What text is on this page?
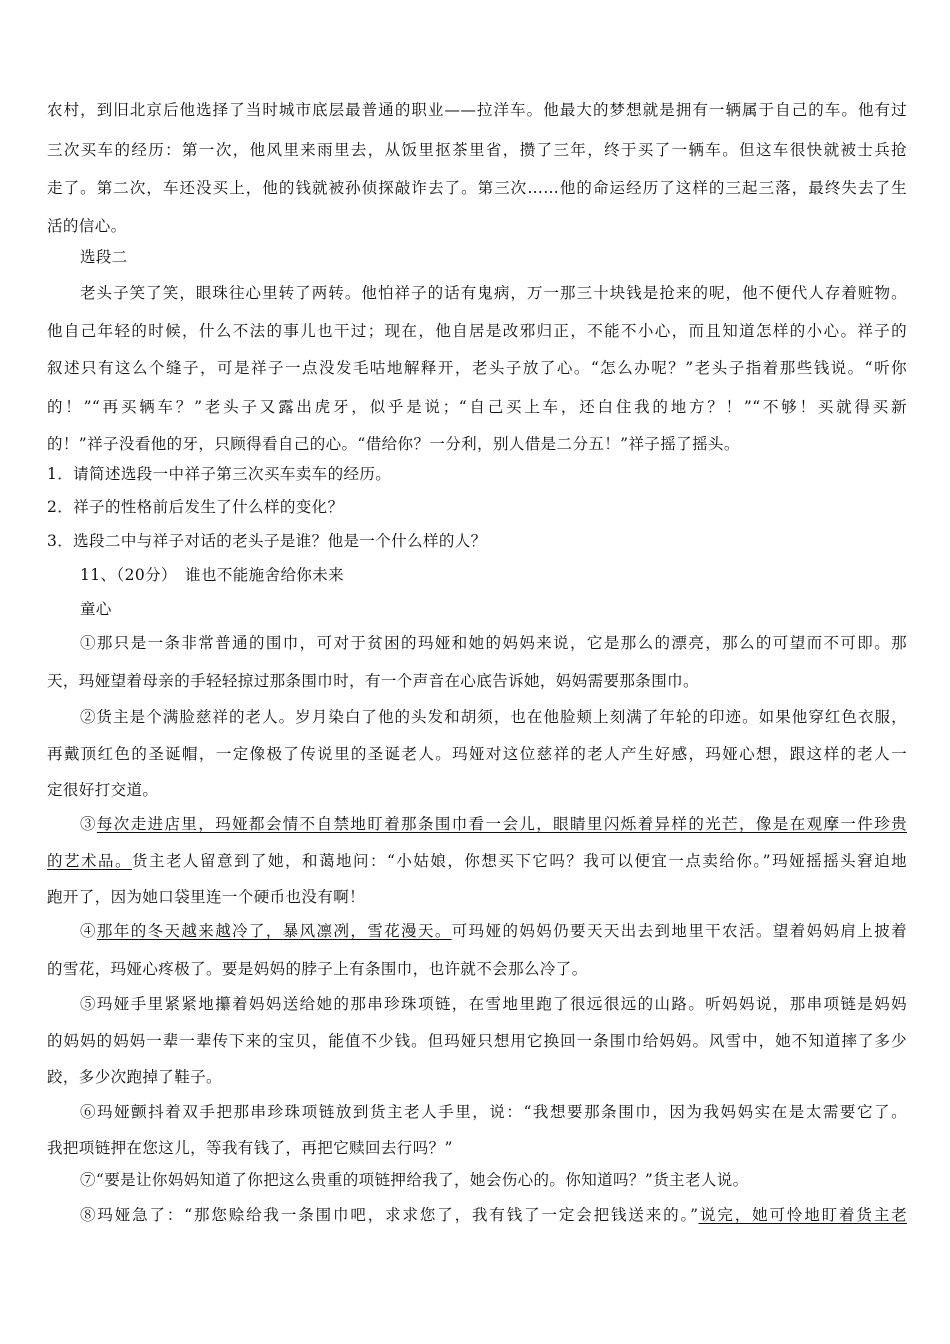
农村，到旧北京后他选择了当时城市底层最普通的职业——拉洋车。他最大的梦想就是拥有一辆属于自己的车。他有过
三次买车的经历：第一次，他风里来雨里去，从饭里抠茶里省，攒了三年，终于买了一辆车。但这车很快就被士兵抢
走了。第二次，车还没买上，他的钱就被孙侦探敲诈去了。第三次……他的命运经历了这样的三起三落，最终失去了生
活的信心。
选段二
老头子笑了笑，眼珠往心里转了两转。他怕祥子的话有鬼病，万一那三十块钱是抢来的呢，他不便代人存着赃物。
他自己年轻的时候，什么不法的事儿也干过；现在，他自居是改邪归正，不能不小心，而且知道怎样的小心。祥子的
叙述只有这么个缝子，可是祥子一点没发毛咕地解释开，老头子放了心。“怎么办呢？”老头子指着那些钱说。“听你
的！”“再买辆车？”老头子又露出虎牙，似乎是说；“自己买上车，还白住我的地方？！”“不够！买就得买新
的！”祥子没看他的牙，只顾得看自己的心。“借给你？一分利，别人借是二分五！”祥子摇了摇头。
1．请简述选段一中祥子第三次买车卖车的经历。
2．祥子的性格前后发生了什么样的变化？
3．选段二中与祥子对话的老头子是谁？他是一个什么样的人？
11、（20分）　谁也不能施舍给你未来
童心
①那只是一条非常普通的围巾，可对于贫困的玛娅和她的妈妈来说，它是那么的漂亮，那么的可望而不可即。那
天，玛娅望着母亲的手轻轻掠过那条围巾时，有一个声音在心底告诉她，妈妈需要那条围巾。
②货主是个满脸慈祥的老人。岁月染白了他的头发和胡须，也在他脸颊上刻满了年轮的印迹。如果他穿红色衣服，
再戴顶红色的圣诞帽，一定像极了传说里的圣诞老人。玛娅对这位慈祥的老人产生好感，玛娅心想，跟这样的老人一
定很好打交道。
③每次走进店里，玛娅都会情不自禁地盯着那条围巾看一会儿，眼睛里闪烁着异样的光芒，像是在观摩一件珍贵
的艺术品。货主老人留意到了她，和蔼地问：“小姑娘，你想买下它吗？我可以便宜一点卖给你。”玛娅摇摇头窘迫地
跑开了，因为她口袋里连一个硬币也没有啊！
④那年的冬天越来越冷了，暴风凛冽，雪花漫天。可玛娅的妈妈仍要天天出去到地里干农活。望着妈妈肩上披着
的雪花，玛娅心疼极了。要是妈妈的脖子上有条围巾，也许就不会那么冷了。
⑤玛娅手里紧紧地攥着妈妈送给她的那串珍珠项链，在雪地里跑了很远很远的山路。听妈妈说，那串项链是妈妈
的妈妈的妈妈一辈一辈传下来的宝贝，能值不少钱。但玛娅只想用它换回一条围巾给妈妈。风雪中，她不知道摔了多少
跤，多少次跑掉了鞋子。
⑥玛娅颤抖着双手把那串珍珠项链放到货主老人手里，说：“我想要那条围巾，因为我妈妈实在是太需要它了。
我把项链押在您这儿，等我有钱了，再把它赎回去行吗？”
⑦“要是让你妈妈知道了你把这么贵重的项链押给我了，她会伤心的。你知道吗？”货主老人说。
⑧玛娅急了：“那您赊给我一条围巾吧，求求您了，我有钱了一定会把钱送来的。”说完，她可怜地盯着货主老
